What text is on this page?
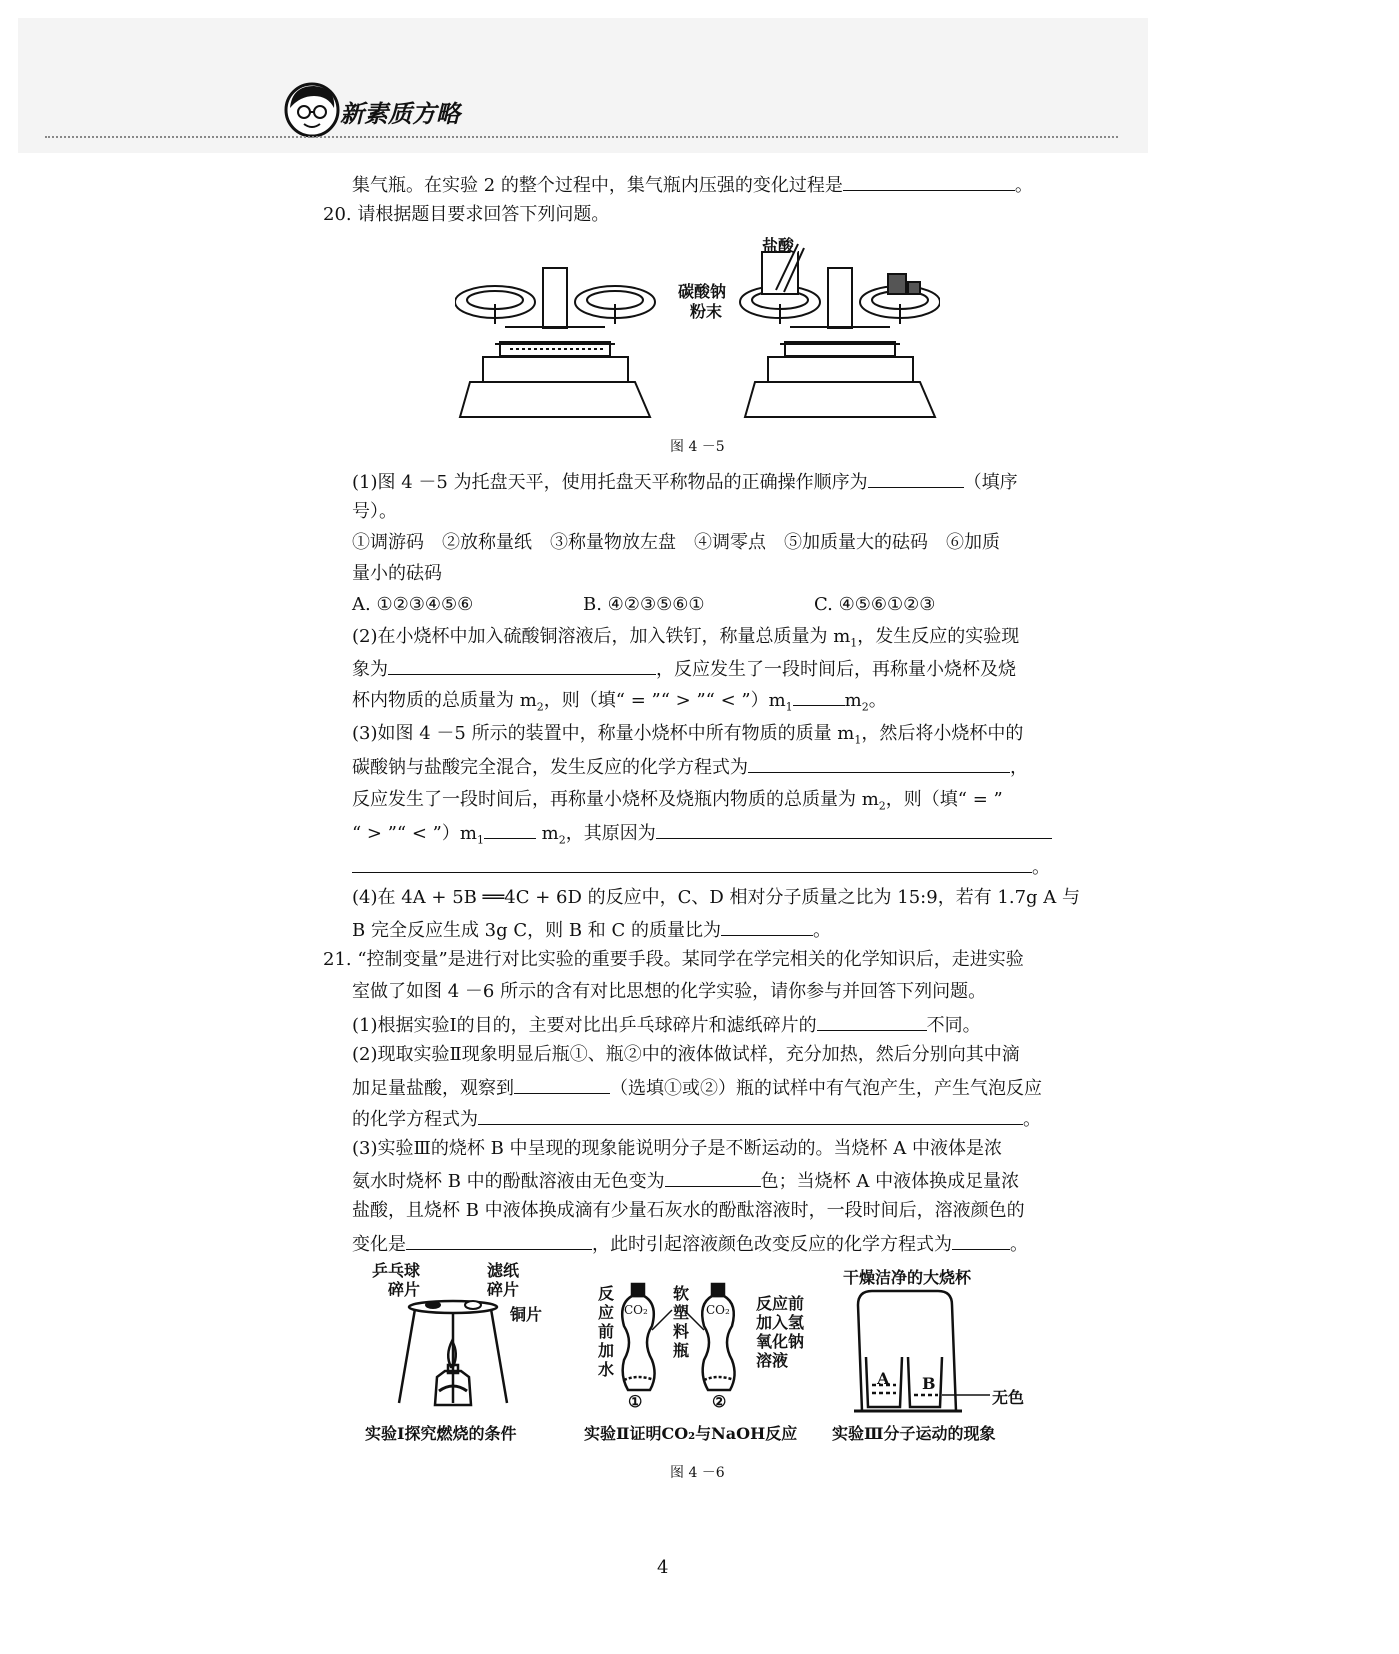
新素质方略
集气瓶。在实验 2 的整个过程中，集气瓶内压强的变化过程是	。
20. 请根据题目要求回答下列问题。
盐酸
碳酸钠
粉末
图 4 －5
(1)图 4 －5 为托盘天平，使用托盘天平称物品的正确操作顺序为	（填序
号）。
①调游码　②放称量纸　③称量物放左盘　④调零点　⑤加质量大的砝码　⑥加质
量小的砝码
A. ①②③④⑤⑥	B. ④②③⑤⑥①	C. ④⑤⑥①②③
(2)在小烧杯中加入硫酸铜溶液后，加入铁钉，称量总质量为 $m_1$，发生反应的实验现
象为	，反应发生了一段时间后，再称量小烧杯及烧
杯内物质的总质量为 $m_2$，则（填“ = ”“ > ”“ < $”)m_1$	$m_2$。
(3)如图 4 －5 所示的装置中，称量小烧杯中所有物质的质量 $m_1$，然后将小烧杯中的
碳酸钠与盐酸完全混合，发生反应的化学方程式为	，
反应发生了一段时间后，再称量小烧杯及烧瓶内物质的总质量为 $m_2$，则（填“ = ”
“ > ”“ < $”)m_1$	$m_2$，其原因为
。
(4)在 4A + 5B ══4C + 6D 的反应中，C、D 相对分子质量之比为 15:9，若有 1.7g A 与
B 完全反应生成 3g C，则 B 和 C 的质量比为	。
21. “控制变量”是进行对比实验的重要手段。某同学在学完相关的化学知识后，走进实验
室做了如图 4 －6 所示的含有对比思想的化学实验，请你参与并回答下列问题。
(1)根据实验Ⅰ的目的，主要对比出乒乓球碎片和滤纸碎片的	不同。
(2)现取实验Ⅱ现象明显后瓶①、瓶②中的液体做试样，充分加热，然后分别向其中滴
加足量盐酸，观察到	（选填①或②）瓶的试样中有气泡产生，产生气泡反应
的化学方程式为	。
(3)实验Ⅲ的烧杯 B 中呈现的现象能说明分子是不断运动的。当烧杯 A 中液体是浓
氨水时烧杯 B 中的酚酞溶液由无色变为	色；当烧杯 A 中液体换成足量浓
盐酸，且烧杯 B 中液体换成滴有少量石灰水的酚酞溶液时，一段时间后，溶液颜色的
变化是	，此时引起溶液颜色改变反应的化学方程式为	。
乒乓球
碎片
滤纸
碎片
铜片
实验Ⅰ探究燃烧的条件
CO₂	CO₂
反应前加水
软塑料瓶
反应前
加入氢
氧化钠
溶液
①	②
实验Ⅱ证明CO₂与NaOH反应
干燥洁净的大烧杯
A B
无色
实验Ⅲ分子运动的现象
图 4 －6
4
